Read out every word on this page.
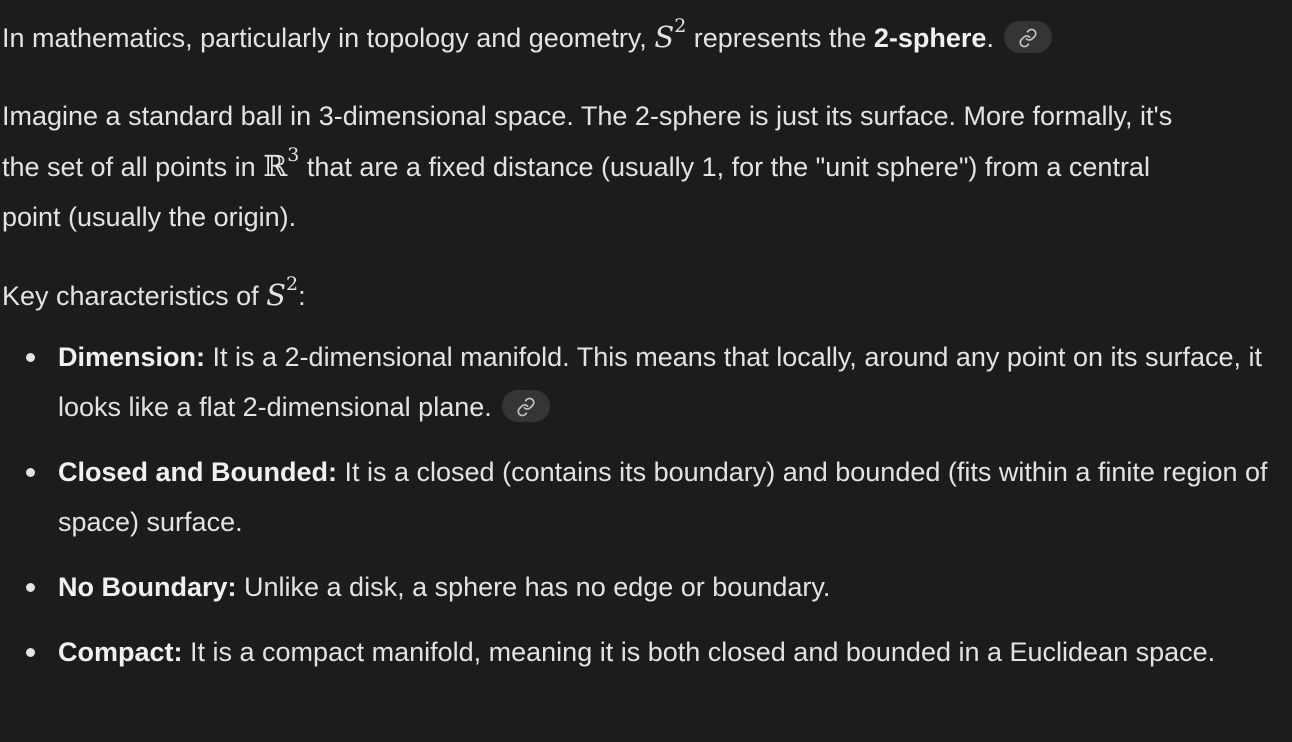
In mathematics, particularly in topology and geometry, $S^2$ represents the 2-sphere.

Imagine a standard ball in 3-dimensional space. The 2-sphere is just its surface. More formally, it's
the set of all points in ℝ$^3$ that are a fixed distance (usually 1, for the "unit sphere") from a central
point (usually the origin).

Key characteristics of $S^2$:

Dimension: It is a 2-dimensional manifold. This means that locally, around any point on its surface, it looks like a flat 2-dimensional plane.
Closed and Bounded: It is a closed (contains its boundary) and bounded (fits within a finite region of space) surface.
No Boundary: Unlike a disk, a sphere has no edge or boundary.
Compact: It is a compact manifold, meaning it is both closed and bounded in a Euclidean space.
